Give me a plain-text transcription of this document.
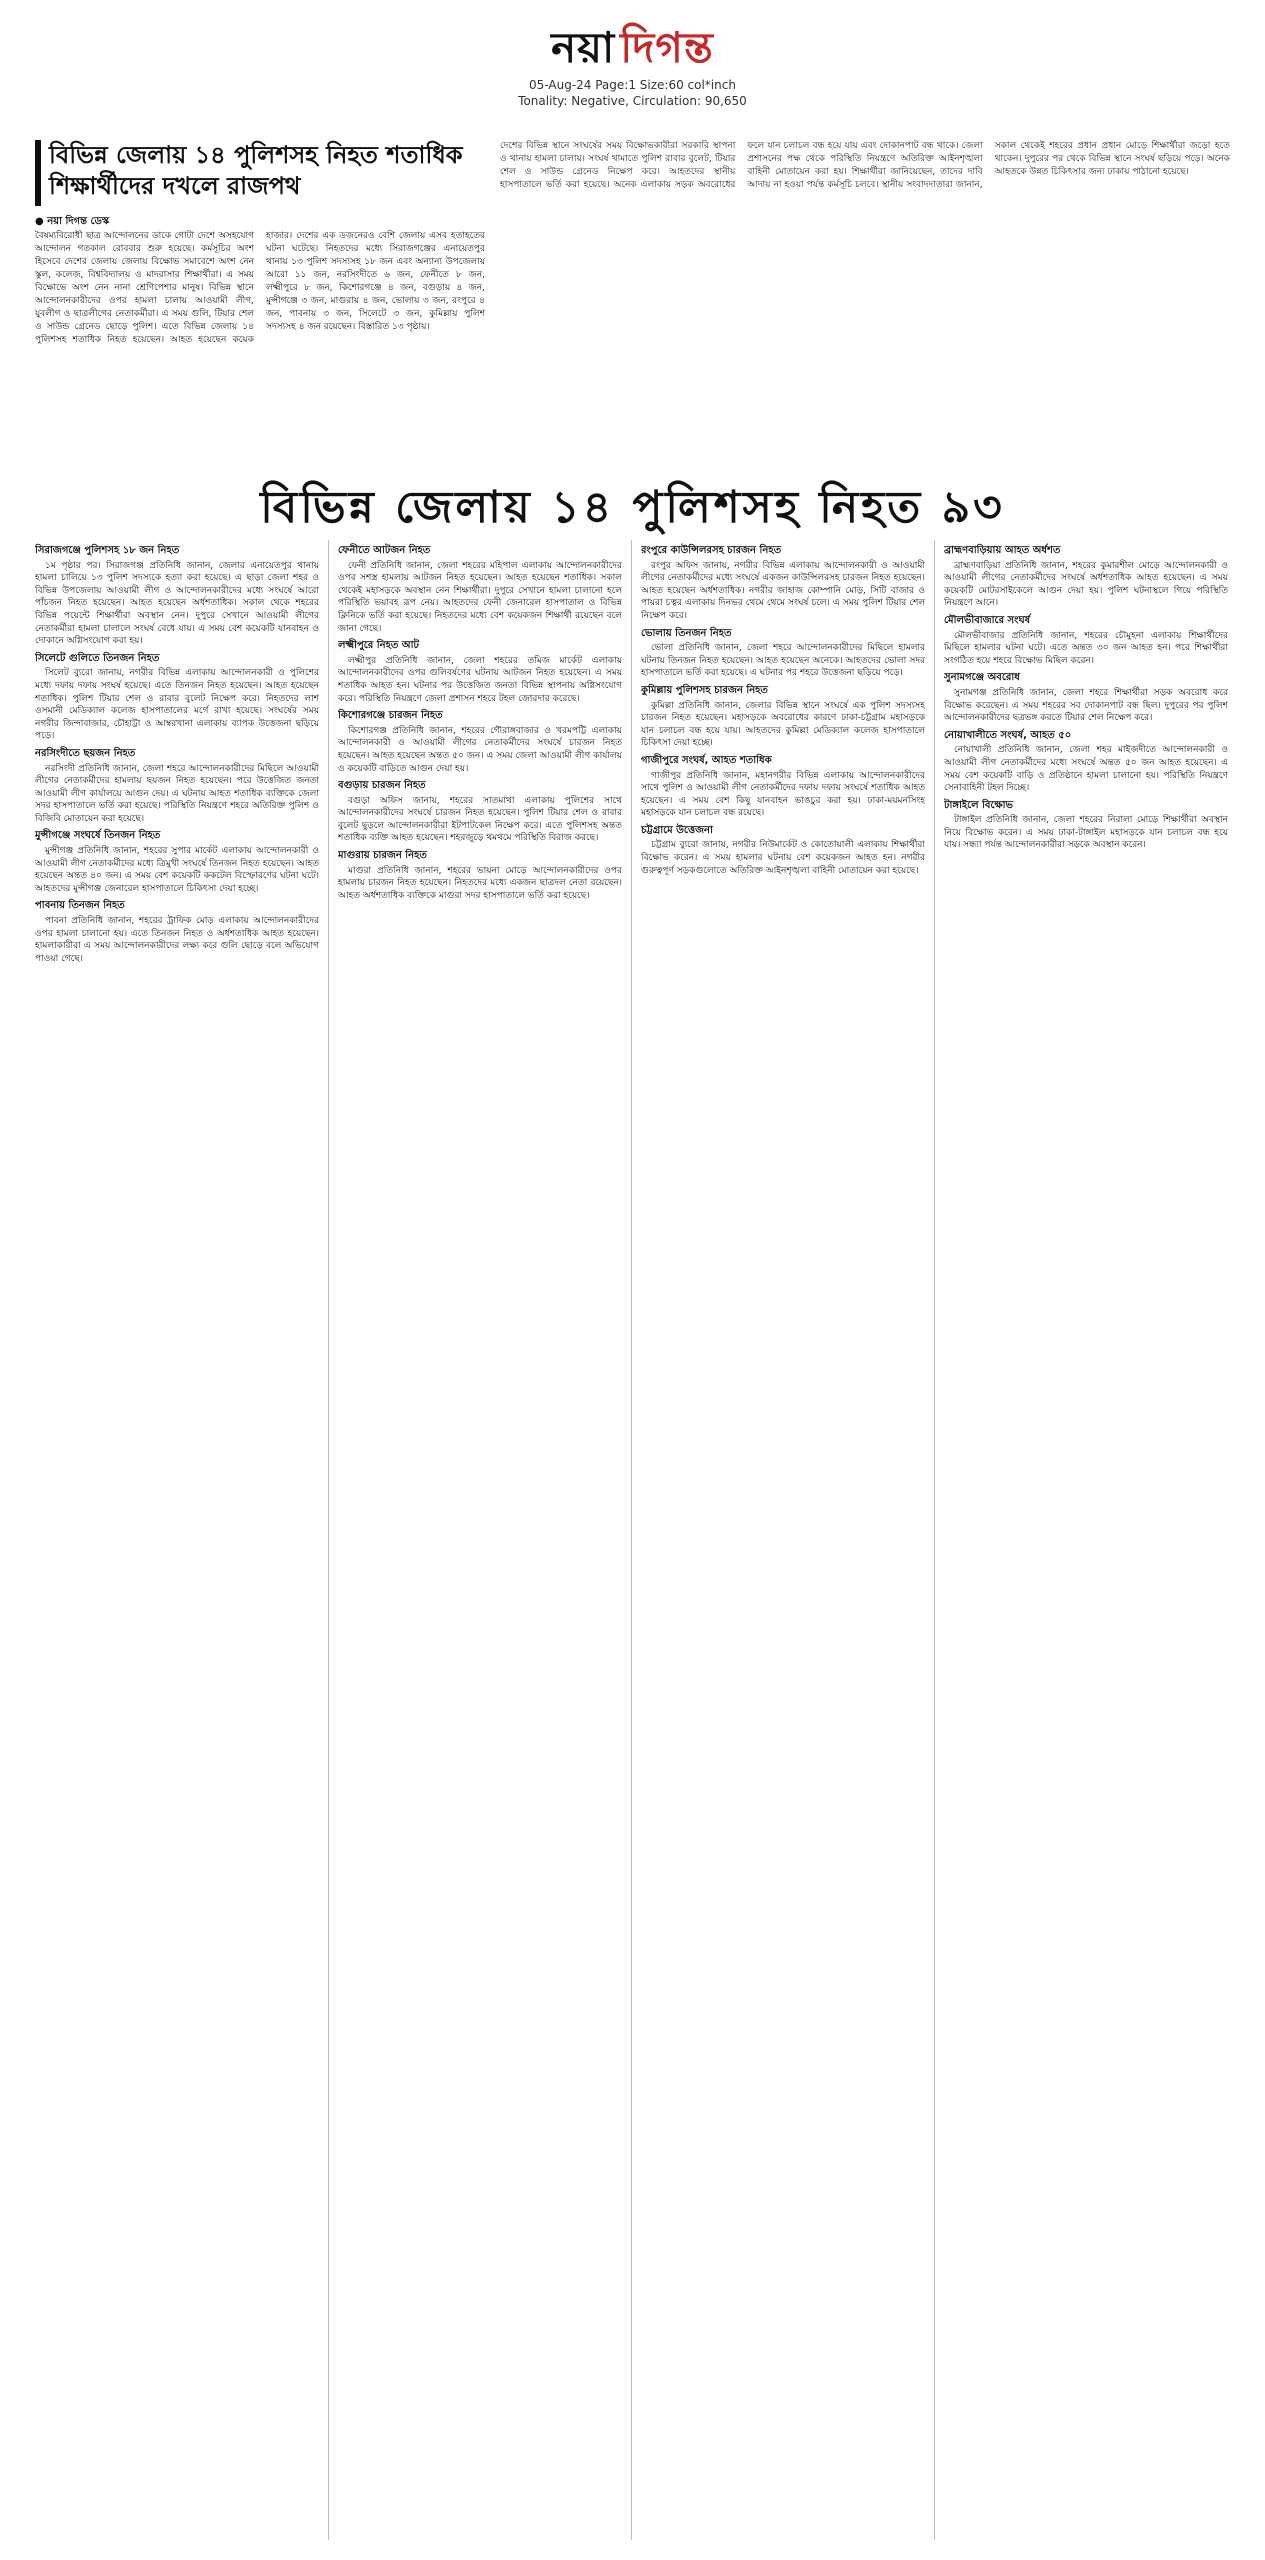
নয়া দিগন্ত
05-Aug-24 Page:1 Size:60 col*inch
Tonality: Negative, Circulation: 90,650
বিভিন্ন জেলায় ১৪ পুলিশসহ নিহত শতাধিক
শিক্ষার্থীদের দখলে রাজপথ
● নয়া দিগন্ত ডেস্ক
বৈষম্যবিরোধী ছাত্র আন্দোলনের ডাকে গোটা দেশে অসহযোগ আন্দোলন গতকাল রোববার শুরু হয়েছে। কর্মসূচির অংশ হিসেবে দেশের জেলায় জেলায় বিক্ষোভ সমাবেশে অংশ নেন স্কুল, কলেজ, বিশ্ববিদ্যালয় ও মাদরাসার শিক্ষার্থীরা। এ সময় বিক্ষোভে অংশ নেন নানা শ্রেণিপেশার মানুষ। বিভিন্ন স্থানে আন্দোলনকারীদের ওপর হামলা চালায় আওয়ামী লীগ, যুবলীগ ও ছাত্রলীগের নেতাকর্মীরা। এ সময় গুলি, টিয়ার শেল ও সাউন্ড গ্রেনেড ছোড়ে পুলিশ। এতে বিভিন্ন জেলায় ১৪ পুলিশসহ শতাধিক নিহত হয়েছেন। আহত হয়েছেন কয়েক হাজার। দেশের এক ডজনেরও বেশি জেলায় এসব হতাহতের ঘটনা ঘটেছে। নিহতদের মধ্যে সিরাজগঞ্জের এনায়েতপুর থানায় ১৩ পুলিশ সদস্যসহ ১৮ জন এবং অন্যান্য উপজেলায় আরো ১১ জন, নরসিংদীতে ৬ জন, ফেনীতে ৮ জন, লক্ষ্মীপুরে ৮ জন, কিশোরগঞ্জে ৪ জন, বগুড়ায় ৪ জন, মুন্সীগঞ্জে ৩ জন, মাগুরায় ৪ জন, ভোলায় ৩ জন, রংপুরে ৪ জন, পাবনায় ৩ জন, সিলেটে ৩ জন, কুমিল্লায় পুলিশ সদস্যসহ ৪ জন রয়েছেন। বিস্তারিত ১৩ পৃষ্ঠায়।
দেশের বিভিন্ন স্থানে সংঘর্ষের সময় বিক্ষোভকারীরা সরকারি স্থাপনা ও থানায় হামলা চালায়। সংঘর্ষ থামাতে পুলিশ রাবার বুলেট, টিয়ার শেল ও সাউন্ড গ্রেনেড নিক্ষেপ করে। আহতদের স্থানীয় হাসপাতালে ভর্তি করা হয়েছে। অনেক এলাকায় সড়ক অবরোধের ফলে যান চলাচল বন্ধ হয়ে যায় এবং দোকানপাট বন্ধ থাকে। জেলা প্রশাসনের পক্ষ থেকে পরিস্থিতি নিয়ন্ত্রণে অতিরিক্ত আইনশৃঙ্খলা বাহিনী মোতায়েন করা হয়। শিক্ষার্থীরা জানিয়েছেন, তাদের দাবি আদায় না হওয়া পর্যন্ত কর্মসূচি চলবে। স্থানীয় সংবাদদাতারা জানান, সকাল থেকেই শহরের প্রধান প্রধান মোড়ে শিক্ষার্থীরা জড়ো হতে থাকেন। দুপুরের পর থেকে বিভিন্ন স্থানে সংঘর্ষ ছড়িয়ে পড়ে। অনেক আহতকে উন্নত চিকিৎসার জন্য ঢাকায় পাঠানো হয়েছে।
বিভিন্ন জেলায় ১৪ পুলিশসহ নিহত ৯৩
সিরাজগঞ্জে পুলিশসহ ১৮ জন নিহত

১ম পৃষ্ঠার পর। সিরাজগঞ্জ প্রতিনিধি জানান, জেলার এনায়েতপুর থানায় হামলা চালিয়ে ১৩ পুলিশ সদস্যকে হত্যা করা হয়েছে। এ ছাড়া জেলা শহর ও বিভিন্ন উপজেলায় আওয়ামী লীগ ও আন্দোলনকারীদের মধ্যে সংঘর্ষে আরো পাঁচজন নিহত হয়েছেন। আহত হয়েছেন অর্ধশতাধিক। সকাল থেকে শহরের বিভিন্ন পয়েন্টে শিক্ষার্থীরা অবস্থান নেন। দুপুরে সেখানে আওয়ামী লীগের নেতাকর্মীরা হামলা চালালে সংঘর্ষ বেধে যায়। এ সময় বেশ কয়েকটি যানবাহন ও দোকানে অগ্নিসংযোগ করা হয়।

সিলেটে গুলিতে তিনজন নিহত

সিলেট ব্যুরো জানায়, নগরীর বিভিন্ন এলাকায় আন্দোলনকারী ও পুলিশের মধ্যে দফায় দফায় সংঘর্ষ হয়েছে। এতে তিনজন নিহত হয়েছেন। আহত হয়েছেন শতাধিক। পুলিশ টিয়ার শেল ও রাবার বুলেট নিক্ষেপ করে। নিহতদের লাশ ওসমানী মেডিক্যাল কলেজ হাসপাতালের মর্গে রাখা হয়েছে। সংঘর্ষের সময় নগরীর জিন্দাবাজার, চৌহাট্টা ও আম্বরখানা এলাকায় ব্যাপক উত্তেজনা ছড়িয়ে পড়ে।

নরসিংদীতে ছয়জন নিহত

নরসিংদী প্রতিনিধি জানান, জেলা শহরে আন্দোলনকারীদের মিছিলে আওয়ামী লীগের নেতাকর্মীদের হামলায় ছয়জন নিহত হয়েছেন। পরে উত্তেজিত জনতা আওয়ামী লীগ কার্যালয়ে আগুন দেয়। এ ঘটনায় আহত শতাধিক ব্যক্তিকে জেলা সদর হাসপাতালে ভর্তি করা হয়েছে। পরিস্থিতি নিয়ন্ত্রণে শহরে অতিরিক্ত পুলিশ ও বিজিবি মোতায়েন করা হয়েছে।

মুন্সীগঞ্জে সংঘর্ষে তিনজন নিহত

মুন্সীগঞ্জ প্রতিনিধি জানান, শহরের সুপার মার্কেট এলাকায় আন্দোলনকারী ও আওয়ামী লীগ নেতাকর্মীদের মধ্যে ত্রিমুখী সংঘর্ষে তিনজন নিহত হয়েছেন। আহত হয়েছেন অন্তত ৪০ জন। এ সময় বেশ কয়েকটি ককটেল বিস্ফোরণের ঘটনা ঘটে। আহতদের মুন্সীগঞ্জ জেনারেল হাসপাতালে চিকিৎসা দেয়া হচ্ছে।

পাবনায় তিনজন নিহত

পাবনা প্রতিনিধি জানান, শহরের ট্রাফিক মোড় এলাকায় আন্দোলনকারীদের ওপর হামলা চালানো হয়। এতে তিনজন নিহত ও অর্ধশতাধিক আহত হয়েছেন। হামলাকারীরা এ সময় আন্দোলনকারীদের লক্ষ্য করে গুলি ছোড়ে বলে অভিযোগ পাওয়া গেছে।

ফেনীতে আটজন নিহত

ফেনী প্রতিনিধি জানান, জেলা শহরের মহিপাল এলাকায় আন্দোলনকারীদের ওপর সশস্ত্র হামলায় আটজন নিহত হয়েছেন। আহত হয়েছেন শতাধিক। সকাল থেকেই মহাসড়কে অবস্থান নেন শিক্ষার্থীরা। দুপুরে সেখানে হামলা চালানো হলে পরিস্থিতি ভয়াবহ রূপ নেয়। আহতদের ফেনী জেনারেল হাসপাতাল ও বিভিন্ন ক্লিনিকে ভর্তি করা হয়েছে। নিহতদের মধ্যে বেশ কয়েকজন শিক্ষার্থী রয়েছেন বলে জানা গেছে।

লক্ষ্মীপুরে নিহত আট

লক্ষ্মীপুর প্রতিনিধি জানান, জেলা শহরের তমিজ মার্কেট এলাকায় আন্দোলনকারীদের ওপর গুলিবর্ষণের ঘটনায় আটজন নিহত হয়েছেন। এ সময় শতাধিক আহত হন। ঘটনার পর উত্তেজিত জনতা বিভিন্ন স্থাপনায় অগ্নিসংযোগ করে। পরিস্থিতি নিয়ন্ত্রণে জেলা প্রশাসন শহরে টহল জোরদার করেছে।

কিশোরগঞ্জে চারজন নিহত

কিশোরগঞ্জ প্রতিনিধি জানান, শহরের গৌরাঙ্গবাজার ও খরমপট্টি এলাকায় আন্দোলনকারী ও আওয়ামী লীগের নেতাকর্মীদের সংঘর্ষে চারজন নিহত হয়েছেন। আহত হয়েছেন অন্তত ৫০ জন। এ সময় জেলা আওয়ামী লীগ কার্যালয় ও কয়েকটি বাড়িতে আগুন দেয়া হয়।

বগুড়ায় চারজন নিহত

বগুড়া অফিস জানায়, শহরের সাতমাথা এলাকায় পুলিশের সাথে আন্দোলনকারীদের সংঘর্ষে চারজন নিহত হয়েছেন। পুলিশ টিয়ার শেল ও রাবার বুলেট ছুড়লে আন্দোলনকারীরা ইটপাটকেল নিক্ষেপ করে। এতে পুলিশসহ অন্তত শতাধিক ব্যক্তি আহত হয়েছেন। শহরজুড়ে থমথমে পরিস্থিতি বিরাজ করছে।

মাগুরায় চারজন নিহত

মাগুরা প্রতিনিধি জানান, শহরের ভায়না মোড়ে আন্দোলনকারীদের ওপর হামলায় চারজন নিহত হয়েছেন। নিহতদের মধ্যে একজন ছাত্রদল নেতা রয়েছেন। আহত অর্ধশতাধিক ব্যক্তিকে মাগুরা সদর হাসপাতালে ভর্তি করা হয়েছে।

রংপুরে কাউন্সিলরসহ চারজন নিহত

রংপুর অফিস জানায়, নগরীর বিভিন্ন এলাকায় আন্দোলনকারী ও আওয়ামী লীগের নেতাকর্মীদের মধ্যে সংঘর্ষে একজন কাউন্সিলরসহ চারজন নিহত হয়েছেন। আহত হয়েছেন অর্ধশতাধিক। নগরীর জাহাজ কোম্পানি মোড়, সিটি বাজার ও পায়রা চত্বর এলাকায় দিনভর থেমে থেমে সংঘর্ষ চলে। এ সময় পুলিশ টিয়ার শেল নিক্ষেপ করে।

ভোলায় তিনজন নিহত

ভোলা প্রতিনিধি জানান, জেলা শহরে আন্দোলনকারীদের মিছিলে হামলার ঘটনায় তিনজন নিহত হয়েছেন। আহত হয়েছেন অনেকে। আহতদের ভোলা সদর হাসপাতালে ভর্তি করা হয়েছে। এ ঘটনার পর শহরে উত্তেজনা ছড়িয়ে পড়ে।

কুমিল্লায় পুলিশসহ চারজন নিহত

কুমিল্লা প্রতিনিধি জানান, জেলার বিভিন্ন স্থানে সংঘর্ষে এক পুলিশ সদস্যসহ চারজন নিহত হয়েছেন। মহাসড়কে অবরোধের কারণে ঢাকা-চট্টগ্রাম মহাসড়কে যান চলাচল বন্ধ হয়ে যায়। আহতদের কুমিল্লা মেডিক্যাল কলেজ হাসপাতালে চিকিৎসা দেয়া হচ্ছে।

গাজীপুরে সংঘর্ষ, আহত শতাধিক

গাজীপুর প্রতিনিধি জানান, মহানগরীর বিভিন্ন এলাকায় আন্দোলনকারীদের সাথে পুলিশ ও আওয়ামী লীগ নেতাকর্মীদের দফায় দফায় সংঘর্ষে শতাধিক আহত হয়েছেন। এ সময় বেশ কিছু যানবাহন ভাঙচুর করা হয়। ঢাকা-ময়মনসিংহ মহাসড়কে যান চলাচল বন্ধ রয়েছে।

চট্টগ্রামে উত্তেজনা

চট্টগ্রাম ব্যুরো জানায়, নগরীর নিউমার্কেট ও কোতোয়ালী এলাকায় শিক্ষার্থীরা বিক্ষোভ করেন। এ সময় হামলার ঘটনায় বেশ কয়েকজন আহত হন। নগরীর গুরুত্বপূর্ণ সড়কগুলোতে অতিরিক্ত আইনশৃঙ্খলা বাহিনী মোতায়েন করা হয়েছে।

ব্রাহ্মণবাড়িয়ায় আহত অর্ধশত

ব্রাহ্মণবাড়িয়া প্রতিনিধি জানান, শহরের কুমারশীল মোড়ে আন্দোলনকারী ও আওয়ামী লীগের নেতাকর্মীদের সংঘর্ষে অর্ধশতাধিক আহত হয়েছেন। এ সময় কয়েকটি মোটরসাইকেলে আগুন দেয়া হয়। পুলিশ ঘটনাস্থলে গিয়ে পরিস্থিতি নিয়ন্ত্রণে আনে।

মৌলভীবাজারে সংঘর্ষ

মৌলভীবাজার প্রতিনিধি জানান, শহরের চৌমুহনা এলাকায় শিক্ষার্থীদের মিছিলে হামলার ঘটনা ঘটে। এতে অন্তত ৩০ জন আহত হন। পরে শিক্ষার্থীরা সংগঠিত হয়ে শহরে বিক্ষোভ মিছিল করেন।

সুনামগঞ্জে অবরোধ

সুনামগঞ্জ প্রতিনিধি জানান, জেলা শহরে শিক্ষার্থীরা সড়ক অবরোধ করে বিক্ষোভ করেছেন। এ সময় শহরের সব দোকানপাট বন্ধ ছিল। দুপুরের পর পুলিশ আন্দোলনকারীদের ছত্রভঙ্গ করতে টিয়ার শেল নিক্ষেপ করে।

নোয়াখালীতে সংঘর্ষ, আহত ৫০

নোয়াখালী প্রতিনিধি জানান, জেলা শহর মাইজদীতে আন্দোলনকারী ও আওয়ামী লীগ নেতাকর্মীদের মধ্যে সংঘর্ষে অন্তত ৫০ জন আহত হয়েছেন। এ সময় বেশ কয়েকটি বাড়ি ও প্রতিষ্ঠানে হামলা চালানো হয়। পরিস্থিতি নিয়ন্ত্রণে সেনাবাহিনী টহল দিচ্ছে।

টাঙ্গাইলে বিক্ষোভ

টাঙ্গাইল প্রতিনিধি জানান, জেলা শহরের নিরালা মোড়ে শিক্ষার্থীরা অবস্থান নিয়ে বিক্ষোভ করেন। এ সময় ঢাকা-টাঙ্গাইল মহাসড়কে যান চলাচল বন্ধ হয়ে যায়। সন্ধ্যা পর্যন্ত আন্দোলনকারীরা সড়কে অবস্থান করেন।
